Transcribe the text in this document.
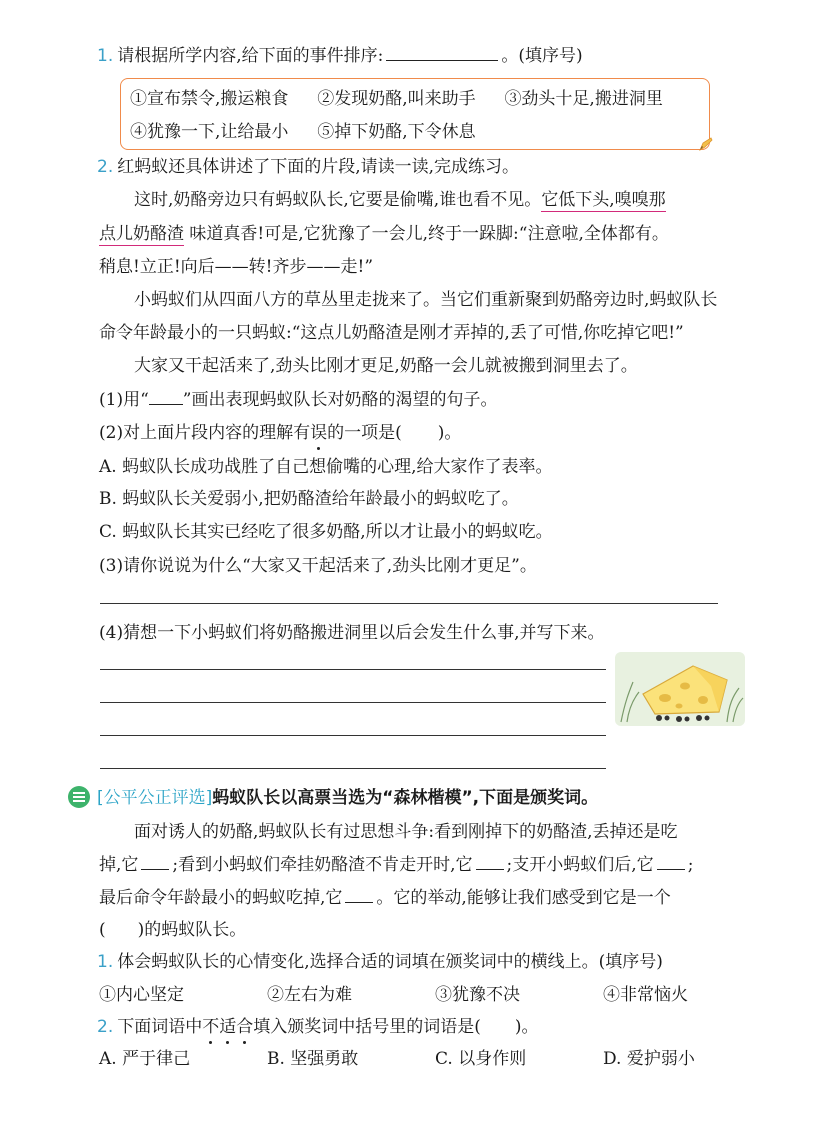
1. 请根据所学内容,给下面的事件排序:	。(填序号)
①宣布禁令,搬运粮食 ②发现奶酪,叫来助手 ③劲头十足,搬进洞里
④犹豫一下,让给最小 ⑤掉下奶酪,下令休息
2. 红蚂蚁还具体讲述了下面的片段,请读一读,完成练习。
这时,奶酪旁边只有蚂蚁队长,它要是偷嘴,谁也看不见。它低下头,嗅嗅那
点儿奶酪渣 味道真香!可是,它犹豫了一会儿,终于一跺脚:“注意啦,全体都有。
稍息!立正!向后——转!齐步——走!”
小蚂蚁们从四面八方的草丛里走拢来了。当它们重新聚到奶酪旁边时,蚂蚁队长
命令年龄最小的一只蚂蚁:“这点儿奶酪渣是刚才弄掉的,丢了可惜,你吃掉它吧!”
大家又干起活来了,劲头比刚才更足,奶酪一会儿就被搬到洞里去了。
(1)用“ ”画出表现蚂蚁队长对奶酪的渴望的句子。
(2)对上面片段内容的理解有误的一项是( )。
A. 蚂蚁队长成功战胜了自己想偷嘴的心理,给大家作了表率。
B. 蚂蚁队长关爱弱小,把奶酪渣给年龄最小的蚂蚁吃了。
C. 蚂蚁队长其实已经吃了很多奶酪,所以才让最小的蚂蚁吃。
(3)请你说说为什么“大家又干起活来了,劲头比刚才更足”。
(4)猜想一下小蚂蚁们将奶酪搬进洞里以后会发生什么事,并写下来。
[公平公正评选]蚂蚁队长以高票当选为“森林楷模”,下面是颁奖词。
面对诱人的奶酪,蚂蚁队长有过思想斗争:看到刚掉下的奶酪渣,丢掉还是吃
掉,它 ;看到小蚂蚁们牵挂奶酪渣不肯走开时,它 ;支开小蚂蚁们后,它 ;
最后命令年龄最小的蚂蚁吃掉,它 。它的举动,能够让我们感受到它是一个
( )的蚂蚁队长。
1. 体会蚂蚁队长的心情变化,选择合适的词填在颁奖词中的横线上。(填序号)
①内心坚定	②左右为难	③犹豫不决	④非常恼火
2. 下面词语中不适合填入颁奖词中括号里的词语是( )。
A. 严于律己	B. 坚强勇敢	C. 以身作则	D. 爱护弱小
